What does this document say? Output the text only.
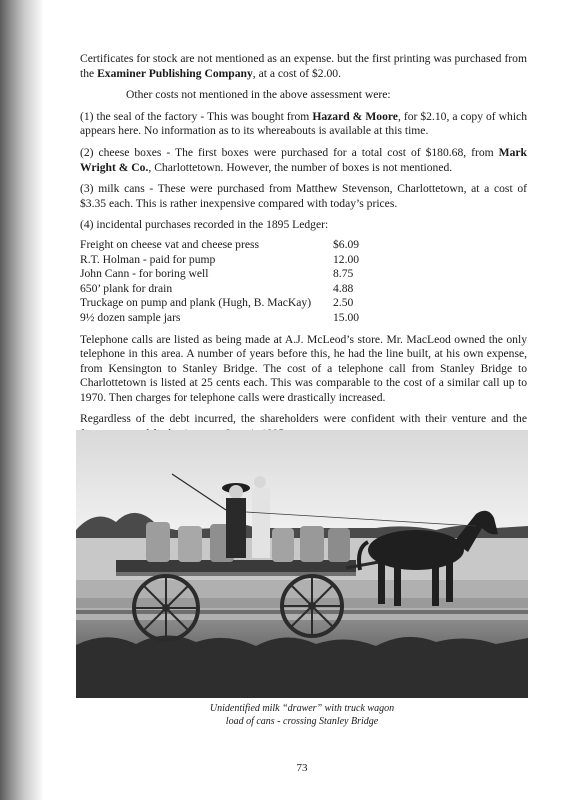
Certificates for stock are not mentioned as an expense. but the first printing was purchased from the Examiner Publishing Company, at a cost of $2.00.

Other costs not mentioned in the above assessment were:

(1) the seal of the factory - This was bought from Hazard & Moore, for $2.10, a copy of which appears here. No information as to its whereabouts is available at this time.

(2) cheese boxes - The first boxes were purchased for a total cost of $180.68, from Mark Wright & Co., Charlottetown. However, the number of boxes is not mentioned.

(3) milk cans - These were purchased from Matthew Stevenson, Charlottetown, at a cost of $3.35 each. This is rather inexpensive compared with today’s prices.

(4) incidental purchases recorded in the 1895 Ledger:

Freight on cheese vat and cheese press	$6.09
R.T. Holman - paid for pump	12.00
John Cann - for boring well	8.75
650’ plank for drain	4.88
Truckage on pump and plank (Hugh, B. MacKay)	2.50
9½ dozen sample jars	15.00

Telephone calls are listed as being made at A.J. McLeod’s store. Mr. MacLeod owned the only telephone in this area. A number of years before this, he had the line built, at his own expense, from Kensington to Stanley Bridge. The cost of a telephone call from Stanley Bridge to Charlottetown is listed at 25 cents each. This was comparable to the cost of a similar call up to 1970. Then charges for telephone calls were drastically increased.

Regardless of the debt incurred, the shareholders were confident with their venture and the

Unidentified milk “drawer” with truck wagon
load of cans - crossing Stanley Bridge
73
